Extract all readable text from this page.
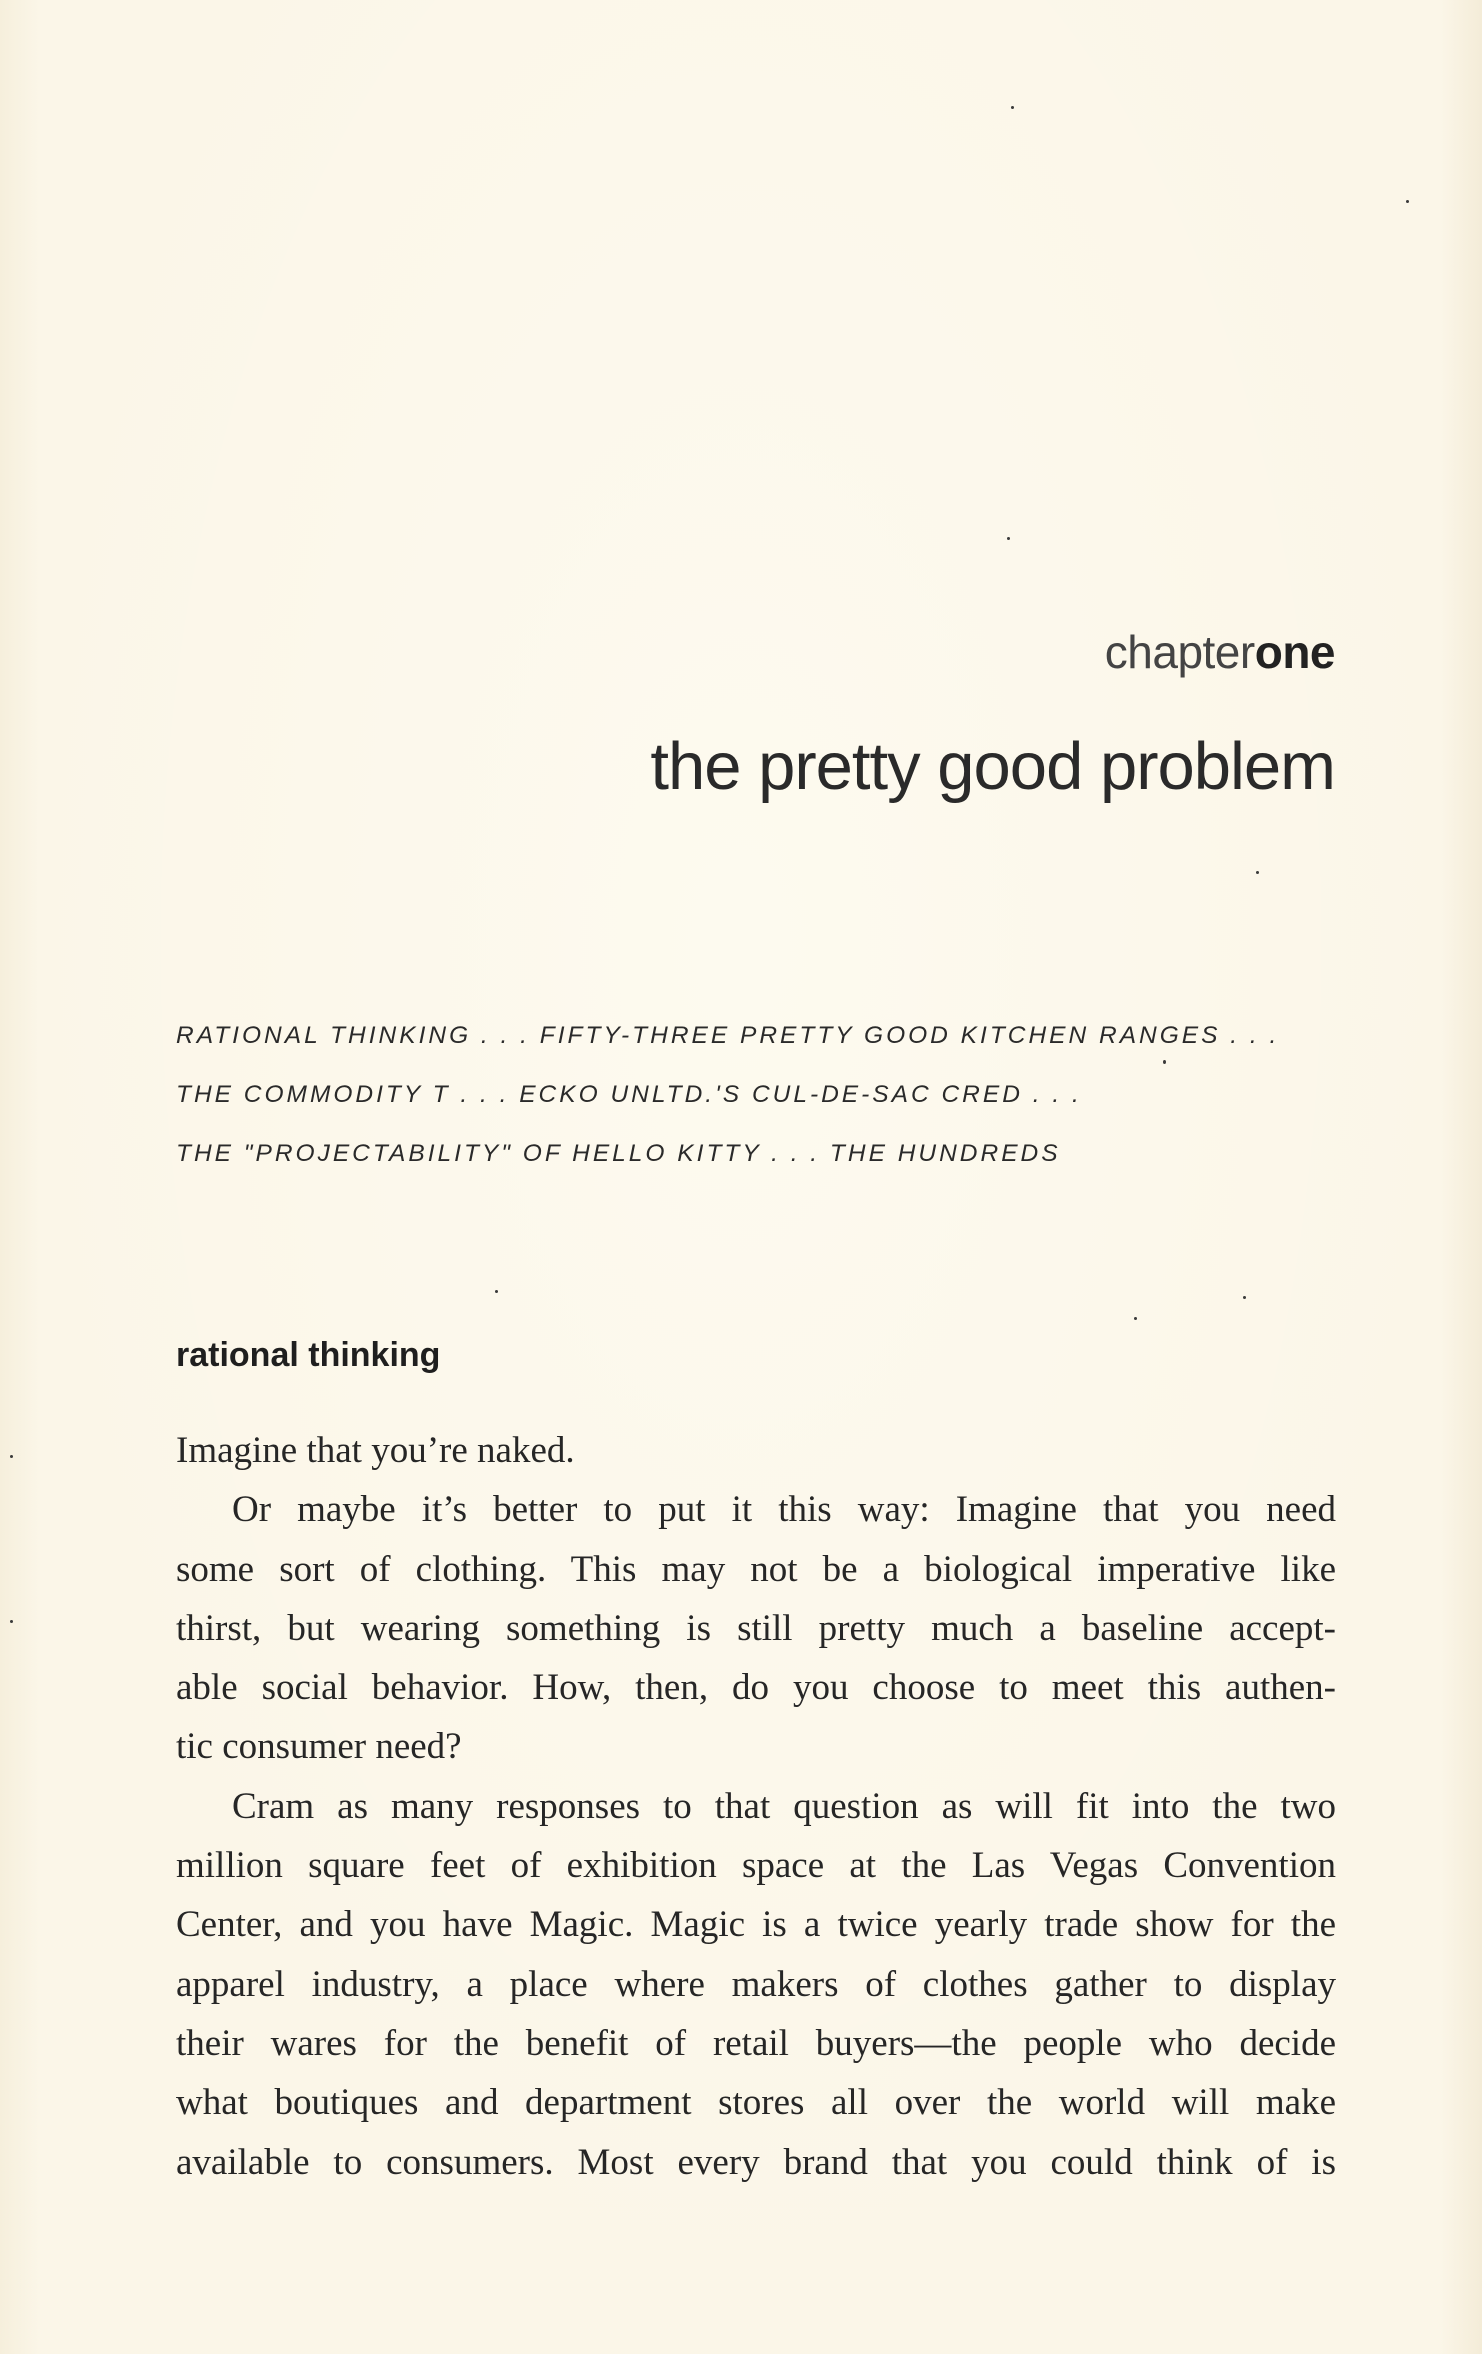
chapterone
the pretty good problem
RATIONAL THINKING . . . FIFTY-THREE PRETTY GOOD KITCHEN RANGES . . .
THE COMMODITY T . . . ECKO UNLTD.'S CUL-DE-SAC CRED . . .
THE "PROJECTABILITY" OF HELLO KITTY . . . THE HUNDREDS
rational thinking
Imagine that you’re naked.
Or maybe it’s better to put it this way: Imagine that you need
some sort of clothing. This may not be a biological imperative like
thirst, but wearing something is still pretty much a baseline accept-
able social behavior. How, then, do you choose to meet this authen-
tic consumer need?
Cram as many responses to that question as will fit into the two
million square feet of exhibition space at the Las Vegas Convention
Center, and you have Magic. Magic is a twice yearly trade show for the
apparel industry, a place where makers of clothes gather to display
their wares for the benefit of retail buyers—the people who decide
what boutiques and department stores all over the world will make
available to consumers. Most every brand that you could think of is
